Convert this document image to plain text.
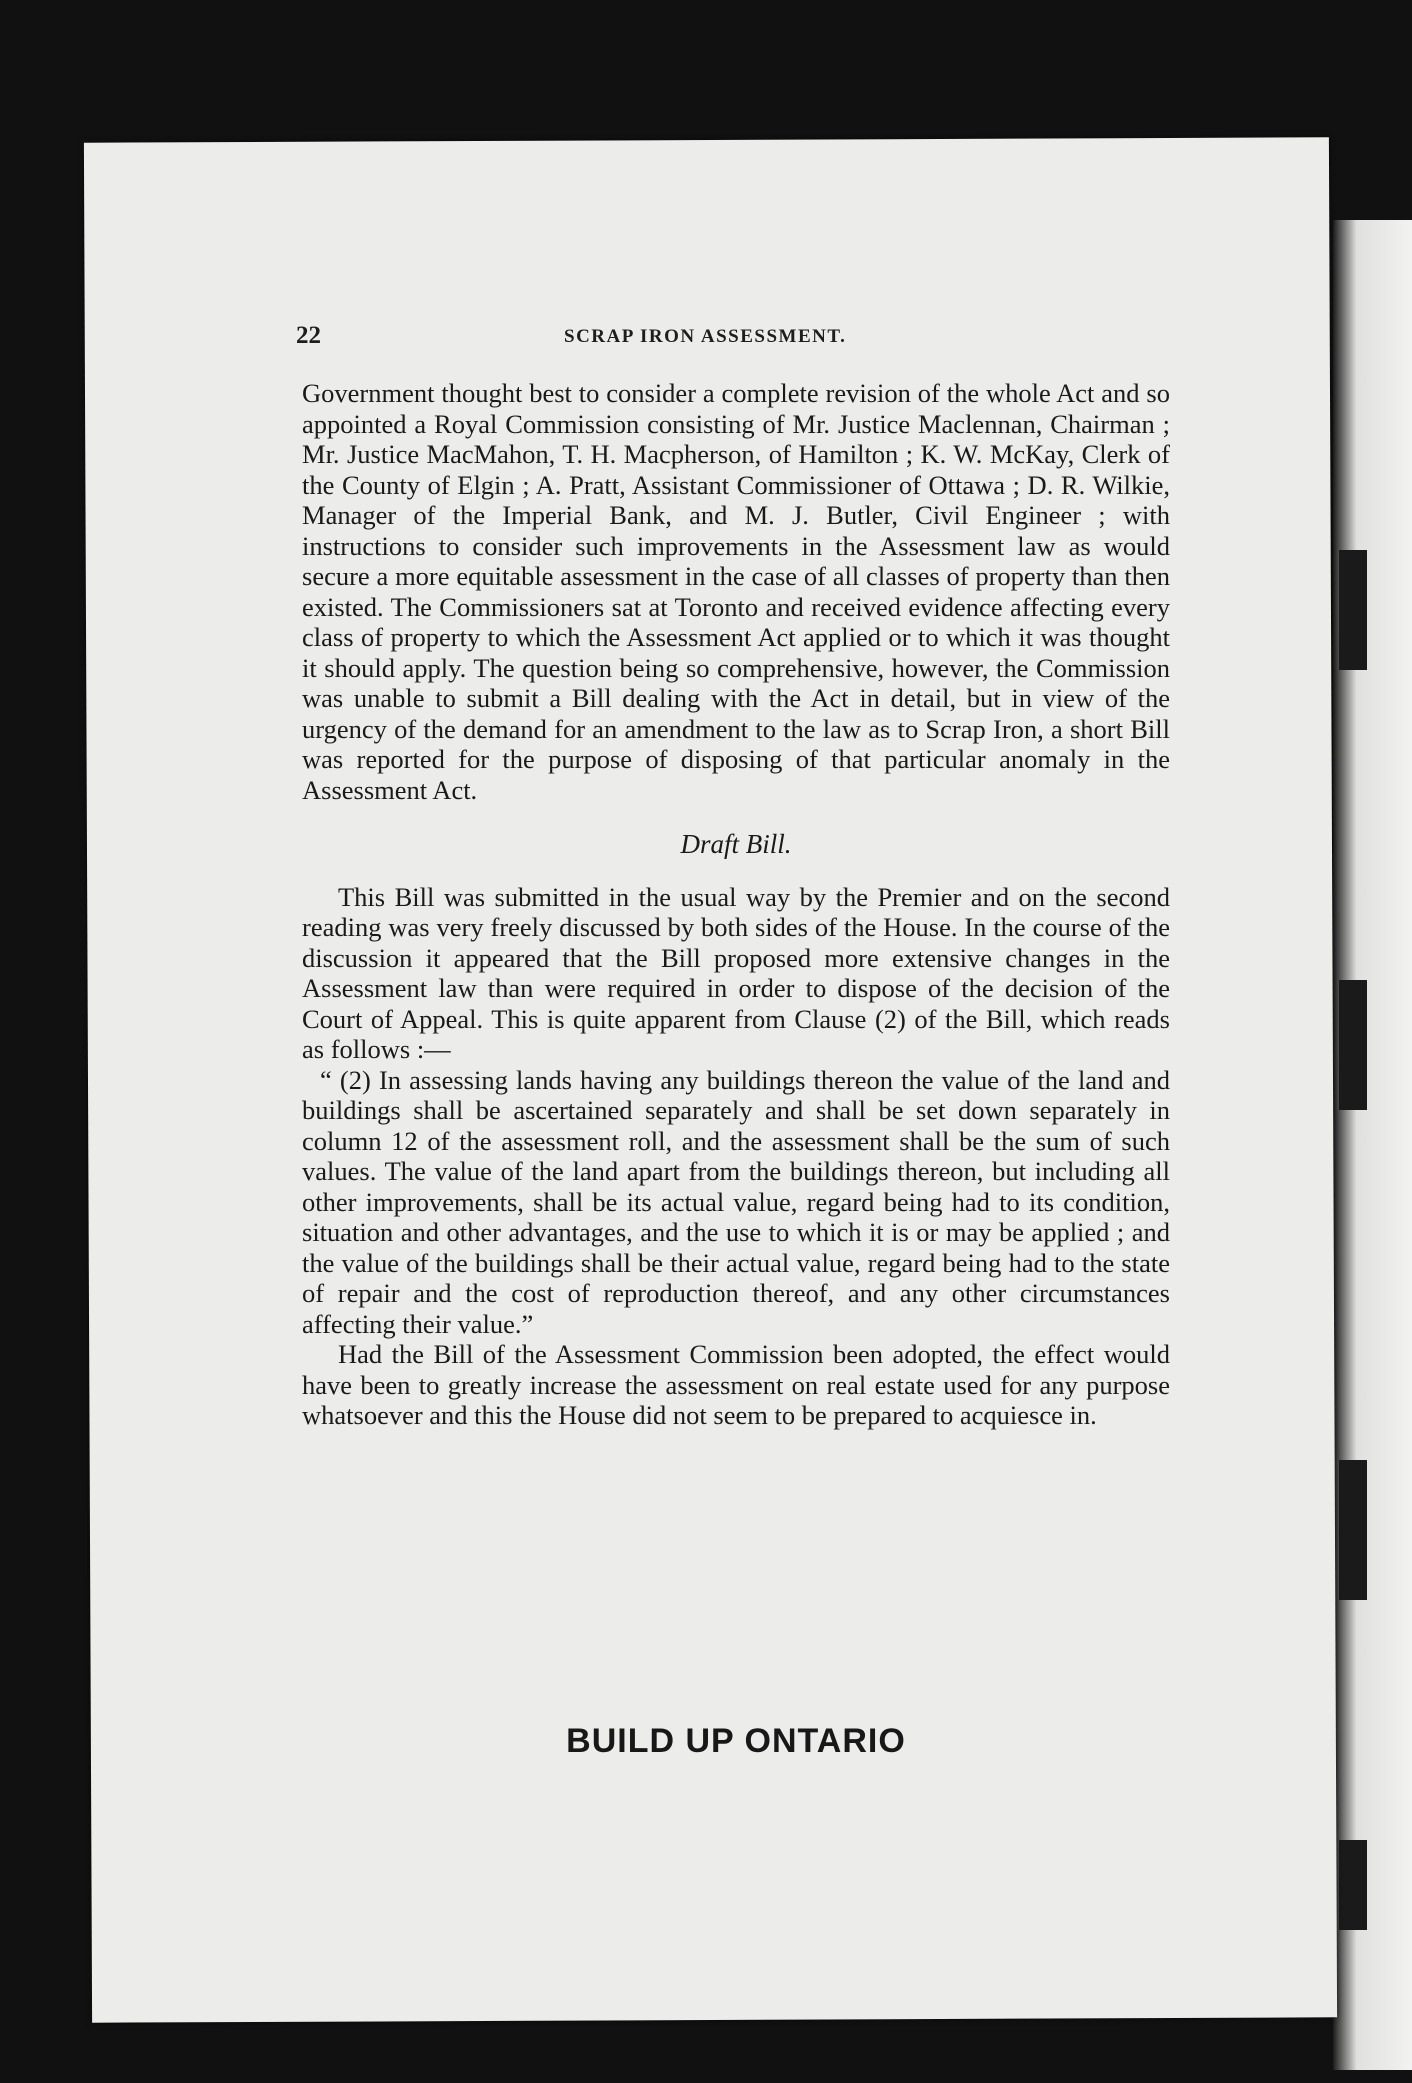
22	SCRAP IRON ASSESSMENT.

Government thought best to consider a complete revision of the whole Act and so appointed a Royal Commission consisting of Mr. Justice Maclennan, Chairman ; Mr. Justice MacMahon, T. H. Macpherson, of Hamilton ; K. W. McKay, Clerk of the County of Elgin ; A. Pratt, Assistant Commissioner of Ottawa ; D. R. Wilkie, Manager of the Imperial Bank, and M. J. Butler, Civil Engineer ; with instructions to consider such improvements in the Assessment law as would secure a more equitable assessment in the case of all classes of property than then existed. The Commissioners sat at Toronto and received evidence affecting every class of property to which the Assessment Act applied or to which it was thought it should apply. The question being so comprehensive, however, the Commission was unable to submit a Bill dealing with the Act in detail, but in view of the urgency of the demand for an amendment to the law as to Scrap Iron, a short Bill was reported for the purpose of disposing of that particular anomaly in the Assessment Act.

Draft Bill.

This Bill was submitted in the usual way by the Premier and on the second reading was very freely discussed by both sides of the House. In the course of the discussion it appeared that the Bill proposed more extensive changes in the Assessment law than were required in order to dispose of the decision of the Court of Appeal. This is quite apparent from Clause (2) of the Bill, which reads as follows :—

“ (2) In assessing lands having any buildings thereon the value of the land and buildings shall be ascertained separately and shall be set down separately in column 12 of the assessment roll, and the assessment shall be the sum of such values. The value of the land apart from the buildings thereon, but including all other improvements, shall be its actual value, regard being had to its condition, situation and other advantages, and the use to which it is or may be applied ; and the value of the buildings shall be their actual value, regard being had to the state of repair and the cost of reproduction thereof, and any other circumstances affecting their value.”

Had the Bill of the Assessment Commission been adopted, the effect would have been to greatly increase the assessment on real estate used for any purpose whatsoever and this the House did not seem to be prepared to acquiesce in.

BUILD UP ONTARIO
